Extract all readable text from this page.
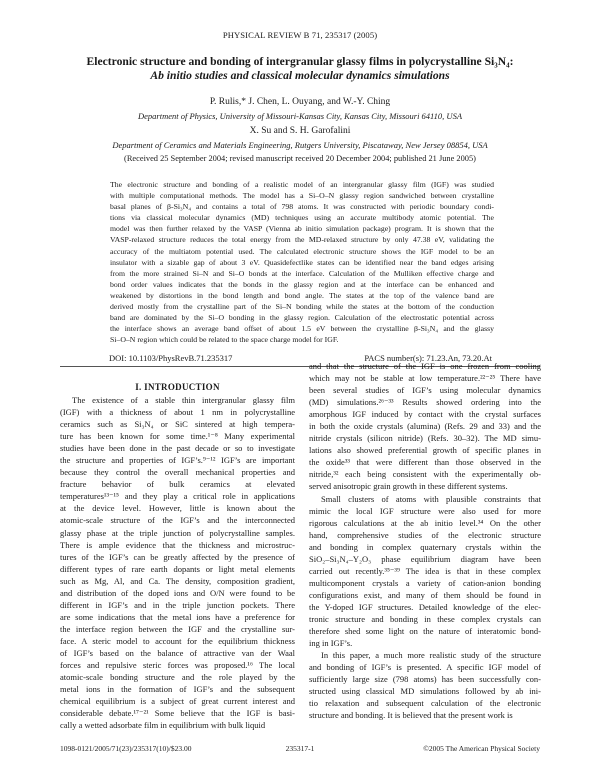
PHYSICAL REVIEW B 71, 235317 (2005)
Electronic structure and bonding of intergranular glassy films in polycrystalline Si₃N₄:
Ab initio studies and classical molecular dynamics simulations
P. Rulis,* J. Chen, L. Ouyang, and W.-Y. Ching
Department of Physics, University of Missouri-Kansas City, Kansas City, Missouri 64110, USA
X. Su and S. H. Garofalini
Department of Ceramics and Materials Engineering, Rutgers University, Piscataway, New Jersey 08854, USA
(Received 25 September 2004; revised manuscript received 20 December 2004; published 21 June 2005)
The electronic structure and bonding of a realistic model of an intergranular glassy film (IGF) was studied
with multiple computational methods. The model has a Si–O–N glassy region sandwiched between crystalline
basal planes of β-Si₃N₄ and contains a total of 798 atoms. It was constructed with periodic boundary condi-
tions via classical molecular dynamics (MD) techniques using an accurate multibody atomic potential. The
model was then further relaxed by the VASP (Vienna ab initio simulation package) program. It is shown that the
VASP-relaxed structure reduces the total energy from the MD-relaxed structure by only 47.38 eV, validating the
accuracy of the multiatom potential used. The calculated electronic structure shows the IGF model to be an
insulator with a sizable gap of about 3 eV. Quasidefectlike states can be identified near the band edges arising
from the more strained Si–N and Si–O bonds at the interface. Calculation of the Mulliken effective charge and
bond order values indicates that the bonds in the glassy region and at the interface can be enhanced and
weakened by distortions in the bond length and bond angle. The states at the top of the valence band are
derived mostly from the crystalline part of the Si–N bonding while the states at the bottom of the conduction
band are dominated by the Si–O bonding in the glassy region. Calculation of the electrostatic potential across
the interface shows an average band offset of about 1.5 eV between the crystalline β-Si₃N₄ and the glassy
Si–O–N region which could be related to the space charge model for IGF.
DOI: 10.1103/PhysRevB.71.235317	PACS number(s): 71.23.An, 73.20.At
I. INTRODUCTION
The existence of a stable thin intergranular glassy film
(IGF) with a thickness of about 1 nm in polycrystalline
ceramics such as Si₃N₄ or SiC sintered at high tempera-
ture has been known for some time.¹⁻⁸ Many experimental
studies have been done in the past decade or so to investigate
the structure and properties of IGF’s.⁹⁻¹² IGF’s are important
because they control the overall mechanical properties and
fracture behavior of bulk ceramics at elevated
temperatures¹³⁻¹⁵ and they play a critical role in applications
at the device level. However, little is known about the
atomic-scale structure of the IGF’s and the interconnected
glassy phase at the triple junction of polycrystalline samples.
There is ample evidence that the thickness and microstruc-
tures of the IGF’s can be greatly affected by the presence of
different types of rare earth dopants or light metal elements
such as Mg, Al, and Ca. The density, composition gradient,
and distribution of the doped ions and O/N were found to be
different in IGF’s and in the triple junction pockets. There
are some indications that the metal ions have a preference for
the interface region between the IGF and the crystalline sur-
face. A steric model to account for the equilibrium thickness
of IGF’s based on the balance of attractive van der Waal
forces and repulsive steric forces was proposed.¹⁶ The local
atomic-scale bonding structure and the role played by the
metal ions in the formation of IGF’s and the subsequent
chemical equilibrium is a subject of great current interest and
considerable debate.¹⁷⁻²¹ Some believe that the IGF is basi-
cally a wetted adsorbate film in equilibrium with bulk liquid
and that the structure of the IGF is one frozen from cooling
which may not be stable at low temperature.²²⁻²⁵ There have
been several studies of IGF’s using molecular dynamics
(MD) simulations.²⁶⁻³³ Results showed ordering into the
amorphous IGF induced by contact with the crystal surfaces
in both the oxide crystals (alumina) (Refs. 29 and 33) and the
nitride crystals (silicon nitride) (Refs. 30–32). The MD simu-
lations also showed preferential growth of specific planes in
the oxide³³ that were different than those observed in the
nitride,³² each being consistent with the experimentally ob-
served anisotropic grain growth in these different systems.
Small clusters of atoms with plausible constraints that
mimic the local IGF structure were also used for more
rigorous calculations at the ab initio level.³⁴ On the other
hand, comprehensive studies of the electronic structure
and bonding in complex quaternary crystals within the
SiO₂–Si₃N₄–Y₂O₃ phase equilibrium diagram have been
carried out recently.³⁵⁻³⁹ The idea is that in these complex
multicomponent crystals a variety of cation-anion bonding
configurations exist, and many of them should be found in
the Y-doped IGF structures. Detailed knowledge of the elec-
tronic structure and bonding in these complex crystals can
therefore shed some light on the nature of interatomic bond-
ing in IGF’s.
In this paper, a much more realistic study of the structure
and bonding of IGF’s is presented. A specific IGF model of
sufficiently large size (798 atoms) has been successfully con-
structed using classical MD simulations followed by ab ini-
tio relaxation and subsequent calculation of the electronic
structure and bonding. It is believed that the present work is
1098-0121/2005/71(23)/235317(10)/$23.00	235317-1	©2005 The American Physical Society
